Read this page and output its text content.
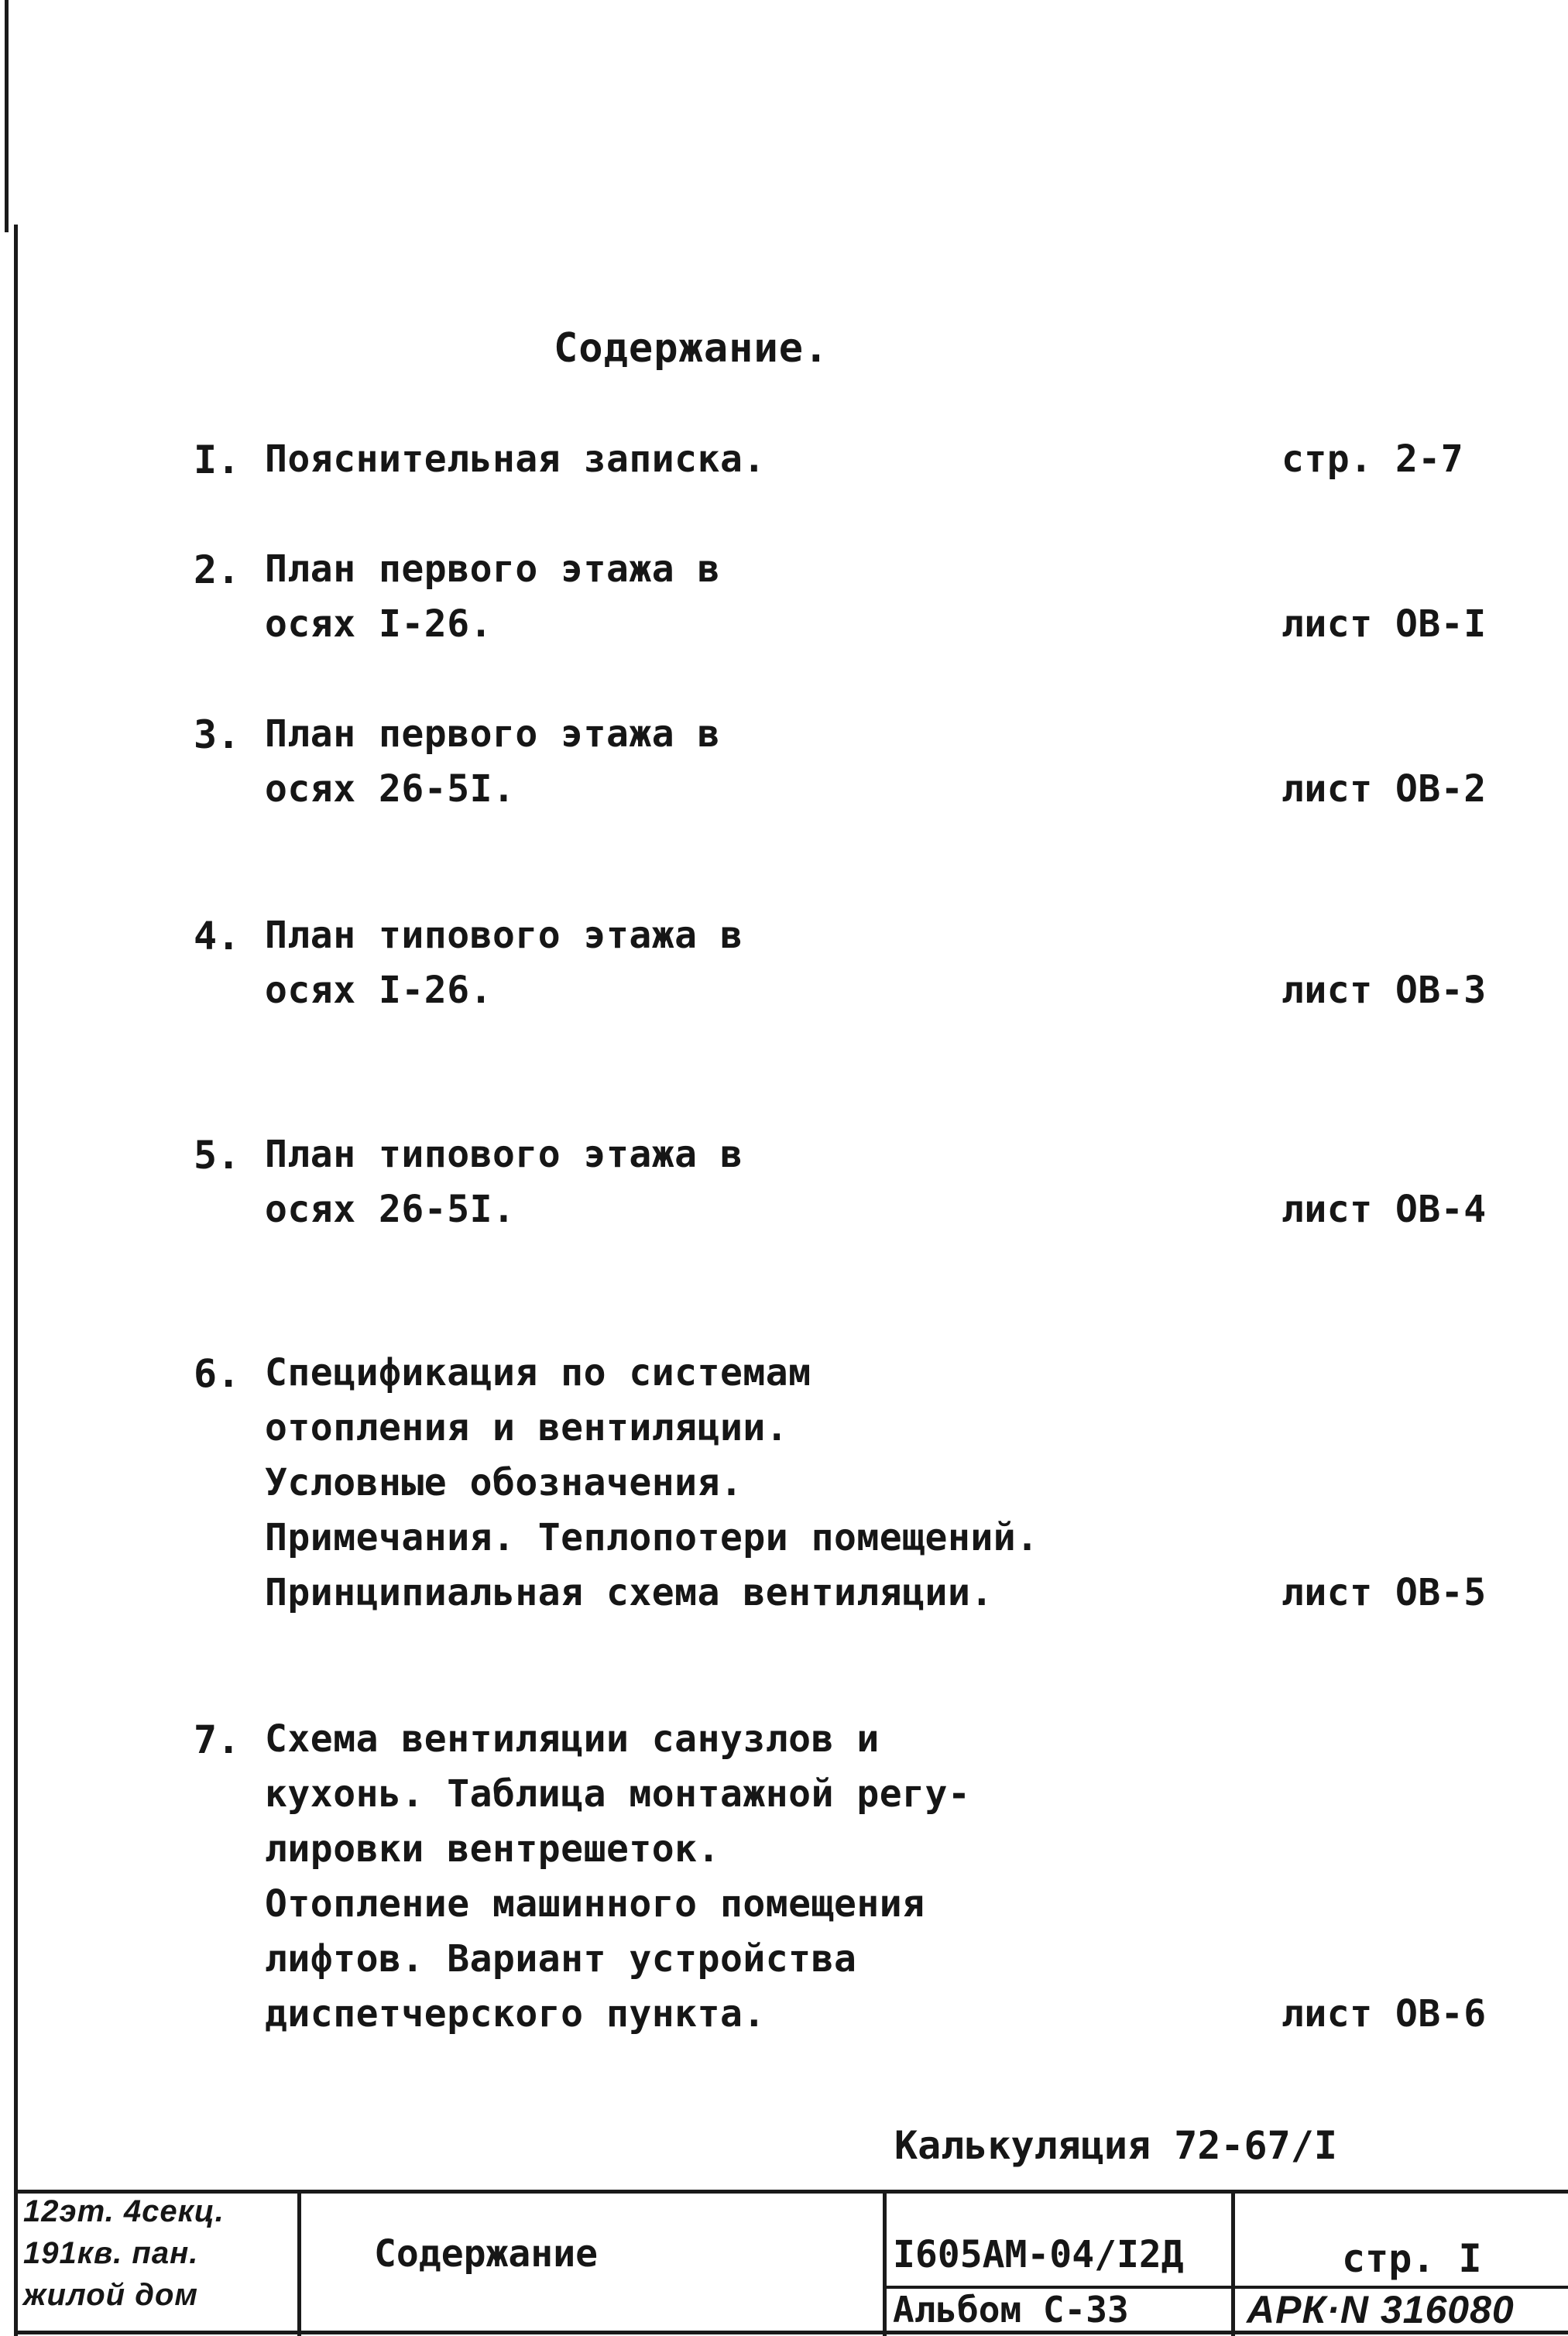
Содержание.
I. Пояснительная записка.	стр. 2-7
2. План первого этажа в
осях I-26.	лист ОВ-I
3. План первого этажа в
осях 26-5I.	лист ОВ-2
4. План типового этажа в
осях I-26.	лист ОВ-3
5. План типового этажа в
осях 26-5I.	лист ОВ-4
6. Спецификация по системам
отопления и вентиляции.
Условные обозначения.
Примечания. Теплопотери помещений.
Принципиальная схема вентиляции.	лист ОВ-5
7. Схема вентиляции санузлов и
кухонь. Таблица монтажной регу-
лировки вентрешеток.
Отопление машинного помещения
лифтов. Вариант устройства
диспетчерского пункта.	лист ОВ-6
Калькуляция 72-67/I
12эт. 4секц.
191кв. пан.
жилой дом
Содержание	I605АМ-04/I2Д
Альбом С-33
стр. I
АРК·N 316080
